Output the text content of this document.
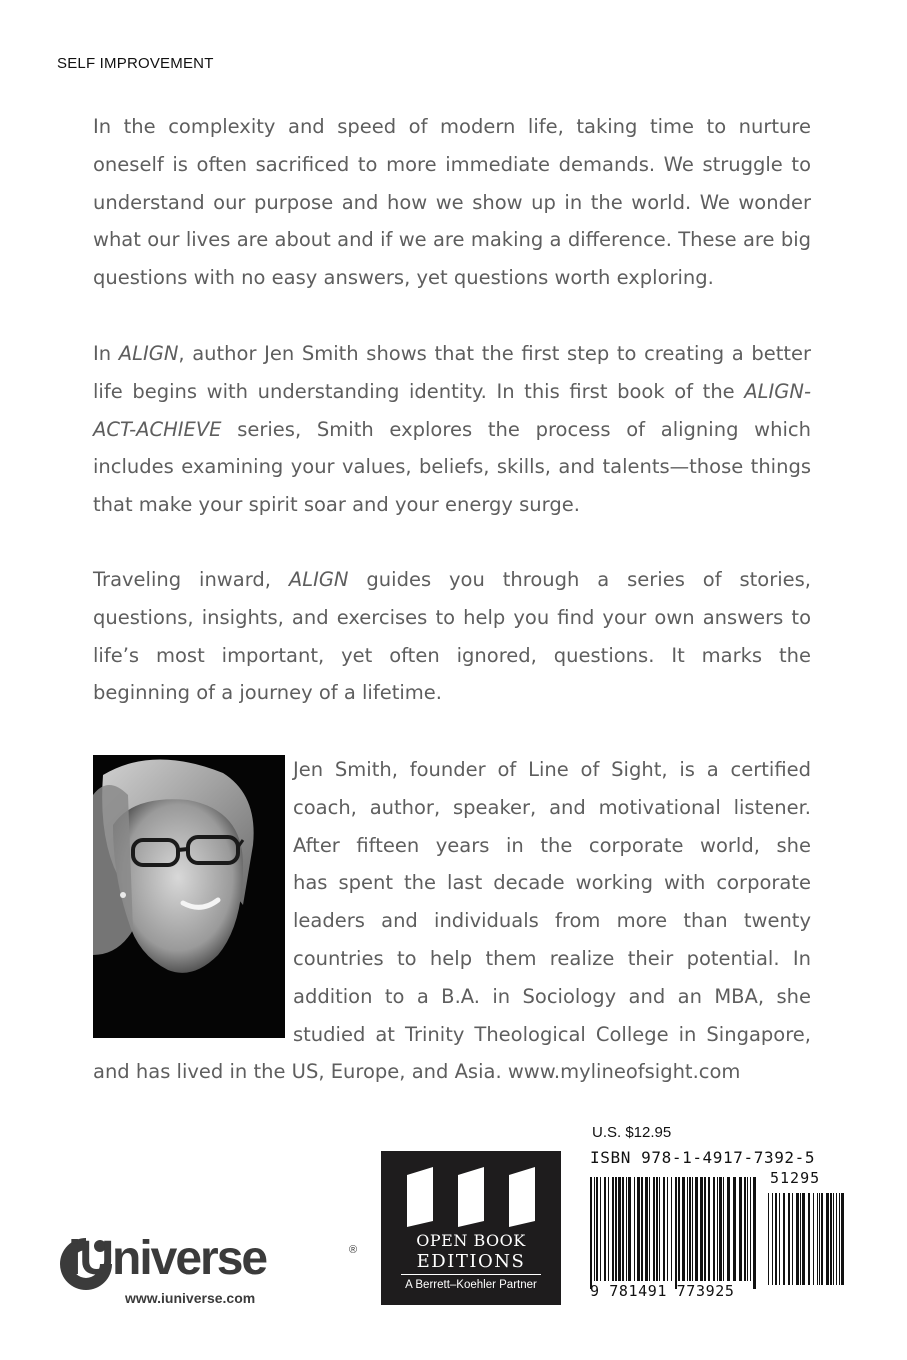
SELF IMPROVEMENT

In the complexity and speed of modern life, taking time to nurture oneself is often sacrificed to more immediate demands. We struggle to understand our purpose and how we show up in the world. We wonder what our lives are about and if we are making a difference. These are big questions with no easy answers, yet questions worth exploring.

In ALIGN, author Jen Smith shows that the first step to creating a better life begins with understanding identity. In this first book of the ALIGN-ACT-ACHIEVE series, Smith explores the process of aligning which includes examining your values, beliefs, skills, and talents—those things that make your spirit soar and your energy surge.

Traveling inward, ALIGN guides you through a series of stories, questions, insights, and exercises to help you find your own answers to life’s most important, yet often ignored, questions. It marks the beginning of a journey of a lifetime.

Jen Smith, founder of Line of Sight, is a certified
coach, author, speaker, and motivational listener.
After fifteen years in the corporate world, she
has spent the last decade working with corporate
leaders and individuals from more than twenty
countries to help them realize their potential. In
addition to a B.A. in Sociology and an MBA, she
studied at Trinity Theological College in Singapore,
and has lived in the US, Europe, and Asia. www.mylineofsight.com
U.S. $12.95
ISBN 978-1-4917-7392-5
51295
9 781491 773925
OPEN BOOK
EDITIONS
A Berrett–Koehler Partner
iUniverse	®
www.iuniverse.com
